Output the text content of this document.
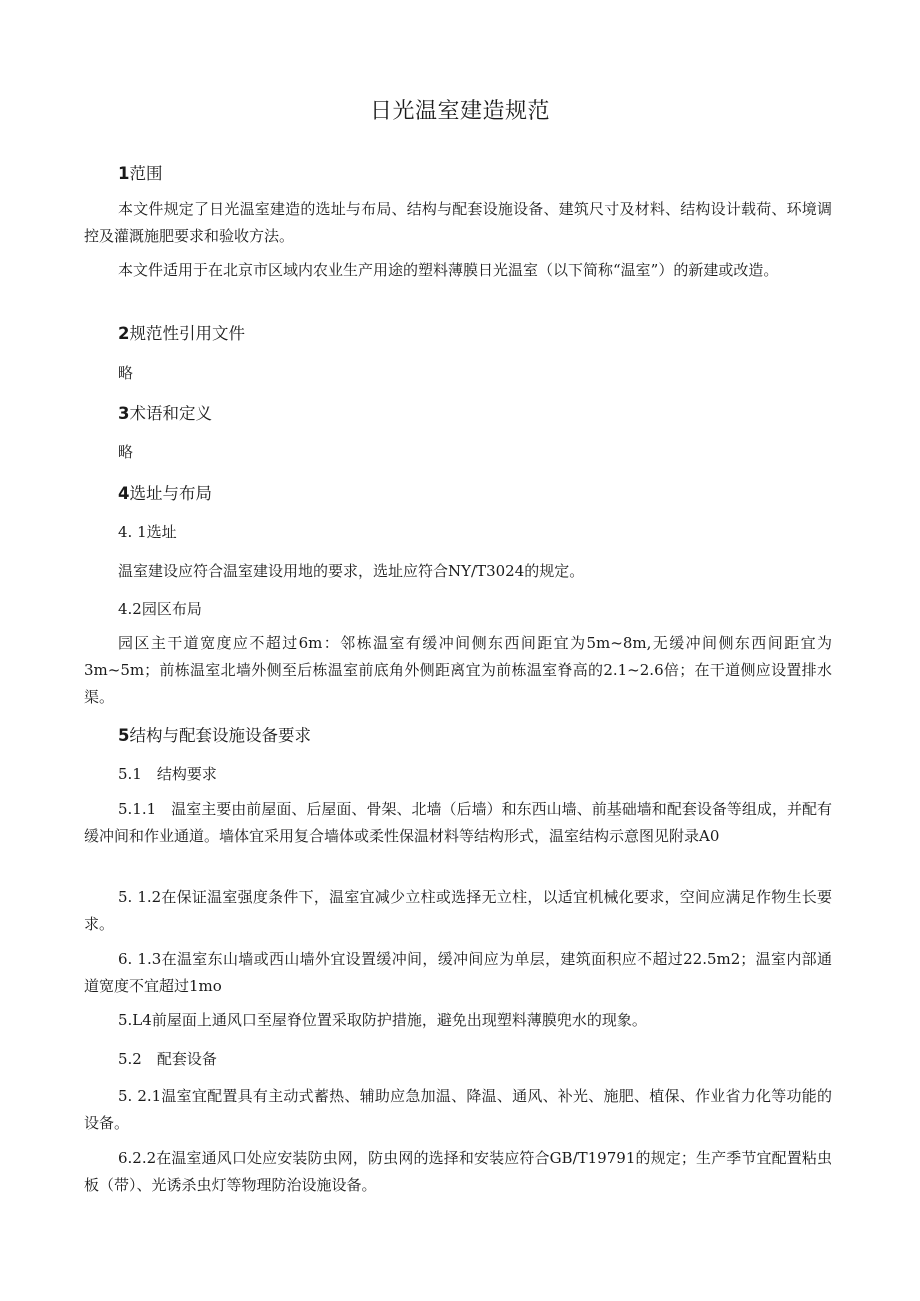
日光温室建造规范
1范围

本文件规定了日光温室建造的选址与布局、结构与配套设施设备、建筑尺寸及材料、结构设计载荷、环境调控及灌溉施肥要求和验收方法。

本文件适用于在北京市区域内农业生产用途的塑料薄膜日光温室（以下简称“温室”）的新建或改造。

2规范性引用文件

略

3术语和定义

略

4选址与布局

4. 1选址

温室建设应符合温室建设用地的要求，选址应符合NY/T3024的规定。

4.2园区布局

园区主干道宽度应不超过6m：邻栋温室有缓冲间侧东西间距宜为5m~8m,无缓冲间侧东西间距宜为3m~5m；前栋温室北墙外侧至后栋温室前底角外侧距离宜为前栋温室脊高的2.1~2.6倍；在干道侧应设置排水渠。

5结构与配套设施设备要求

5.1　结构要求

5.1.1　温室主要由前屋面、后屋面、骨架、北墙（后墙）和东西山墙、前基础墙和配套设备等组成，并配有缓冲间和作业通道。墙体宜采用复合墙体或柔性保温材料等结构形式，温室结构示意图见附录A0

5. 1.2在保证温室强度条件下，温室宜减少立柱或选择无立柱，以适宜机械化要求，空间应满足作物生长要求。

6. 1.3在温室东山墙或西山墙外宜设置缓冲间，缓冲间应为单层，建筑面积应不超过22.5m2；温室内部通道宽度不宜超过1mo

5.L4前屋面上通风口至屋脊位置采取防护措施，避免出现塑料薄膜兜水的现象。

5.2　配套设备

5. 2.1温室宜配置具有主动式蓄热、辅助应急加温、降温、通风、补光、施肥、植保、作业省力化等功能的设备。

6.2.2在温室通风口处应安装防虫网，防虫网的选择和安装应符合GB/T19791的规定；生产季节宜配置粘虫板（带）、光诱杀虫灯等物理防治设施设备。
